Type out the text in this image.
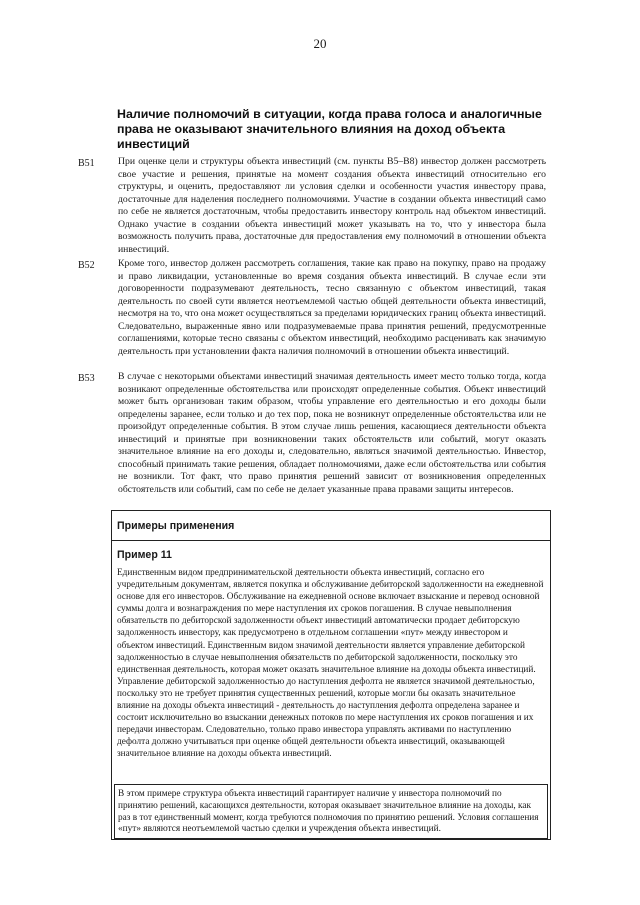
20
Наличие полномочий в ситуации, когда права голоса и аналогичные права не оказывают значительного влияния на доход объекта инвестиций
B51 При оценке цели и структуры объекта инвестиций (см. пункты B5–B8) инвестор должен рассмотреть свое участие и решения, принятые на момент создания объекта инвестиций относительно его структуры, и оценить, предоставляют ли условия сделки и особенности участия инвестору права, достаточные для наделения последнего полномочиями. Участие в создании объекта инвестиций само по себе не является достаточным, чтобы предоставить инвестору контроль над объектом инвестиций. Однако участие в создании объекта инвестиций может указывать на то, что у инвестора была возможность получить права, достаточные для предоставления ему полномочий в отношении объекта инвестиций.

B52 Кроме того, инвестор должен рассмотреть соглашения, такие как право на покупку, право на продажу и право ликвидации, установленные во время создания объекта инвестиций. В случае если эти договоренности подразумевают деятельность, тесно связанную с объектом инвестиций, такая деятельность по своей сути является неотъемлемой частью общей деятельности объекта инвестиций, несмотря на то, что она может осуществляться за пределами юридических границ объекта инвестиций. Следовательно, выраженные явно или подразумеваемые права принятия решений, предусмотренные соглашениями, которые тесно связаны с объектом инвестиций, необходимо расценивать как значимую деятельность при установлении факта наличия полномочий в отношении объекта инвестиций.

B53 В случае с некоторыми объектами инвестиций значимая деятельность имеет место только тогда, когда возникают определенные обстоятельства или происходят определенные события. Объект инвестиций может быть организован таким образом, чтобы управление его деятельностью и его доходы были определены заранее, если только и до тех пор, пока не возникнут определенные обстоятельства или не произойдут определенные события. В этом случае лишь решения, касающиеся деятельности объекта инвестиций и принятые при возникновении таких обстоятельств или событий, могут оказать значительное влияние на его доходы и, следовательно, являться значимой деятельностью. Инвестор, способный принимать такие решения, обладает полномочиями, даже если обстоятельства или события не возникли. Тот факт, что право принятия решений зависит от возникновения определенных обстоятельств или событий, сам по себе не делает указанные права правами защиты интересов.

Примеры применения
Пример 11

Единственным видом предпринимательской деятельности объекта инвестиций, согласно его учредительным документам, является покупка и обслуживание дебиторской задолженности на ежедневной основе для его инвесторов. Обслуживание на ежедневной основе включает взыскание и перевод основной суммы долга и вознаграждения по мере наступления их сроков погашения. В случае невыполнения обязательств по дебиторской задолженности объект инвестиций автоматически продает дебиторскую задолженность инвестору, как предусмотрено в отдельном соглашении «пут» между инвестором и объектом инвестиций. Единственным видом значимой деятельности является управление дебиторской задолженностью в случае невыполнения обязательств по дебиторской задолженности, поскольку это единственная деятельность, которая может оказать значительное влияние на доходы объекта инвестиций. Управление дебиторской задолженностью до наступления дефолта не является значимой деятельностью, поскольку это не требует принятия существенных решений, которые могли бы оказать значительное влияние на доходы объекта инвестиций - деятельность до наступления дефолта определена заранее и состоит исключительно во взыскании денежных потоков по мере наступления их сроков погашения и их передачи инвесторам. Следовательно, только право инвестора управлять активами по наступлению дефолта должно учитываться при оценке общей деятельности объекта инвестиций, оказывающей значительное влияние на доходы объекта инвестиций.

В этом примере структура объекта инвестиций гарантирует наличие у инвестора полномочий по принятию решений, касающихся деятельности, которая оказывает значительное влияние на доходы, как раз в тот единственный момент, когда требуются полномочия по принятию решений. Условия соглашения «пут» являются неотъемлемой частью сделки и учреждения объекта инвестиций.
